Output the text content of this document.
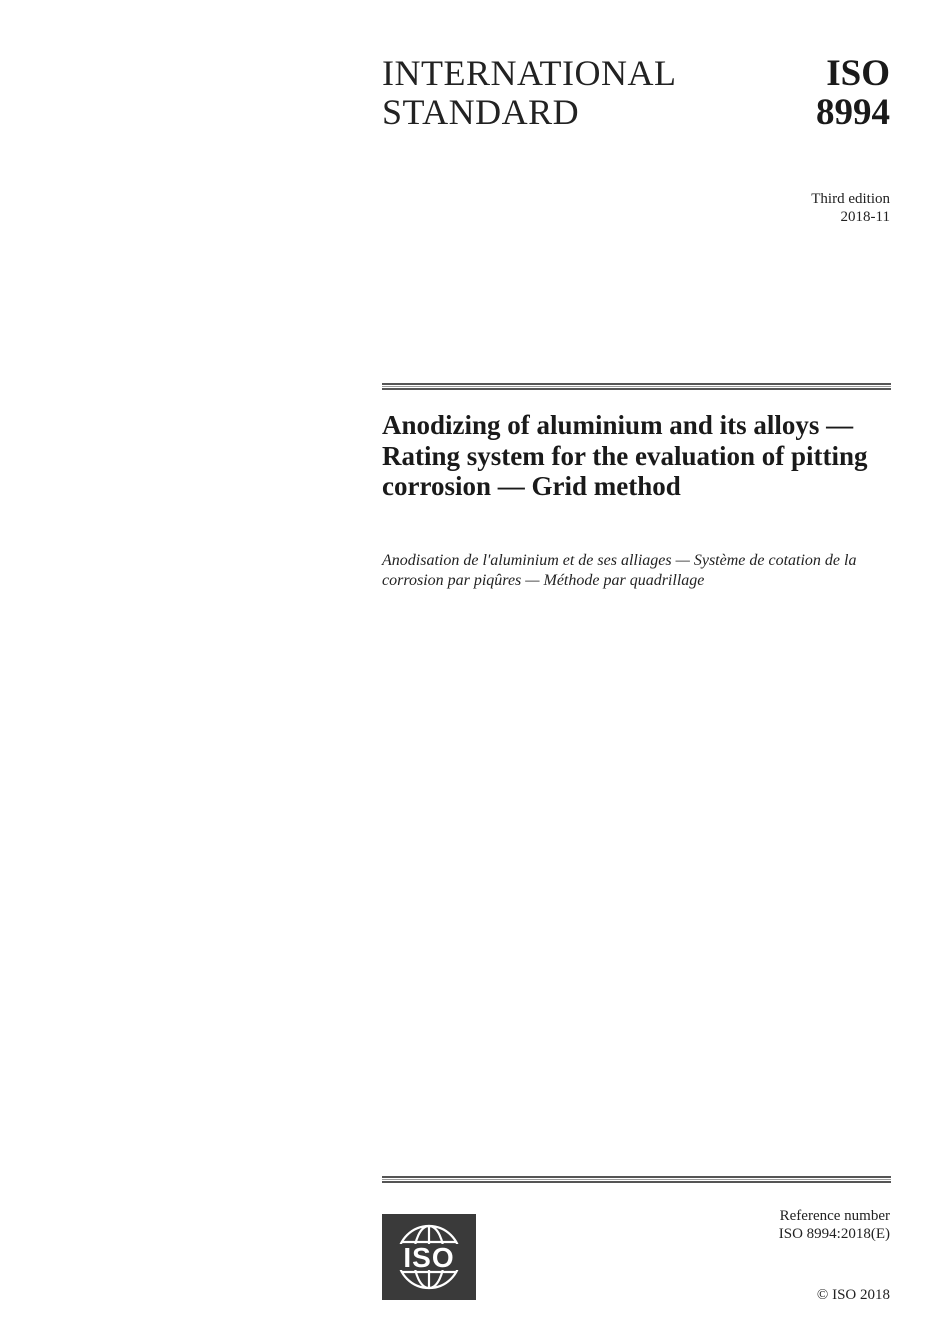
INTERNATIONAL
STANDARD
ISO
8994
Third edition
2018-11
Anodizing of aluminium and its alloys — Rating system for the evaluation of pitting corrosion — Grid method
Anodisation de l'aluminium et de ses alliages — Système de cotation de la corrosion par piqûres — Méthode par quadrillage
ISO
Reference number
ISO 8994:2018(E)
© ISO 2018
